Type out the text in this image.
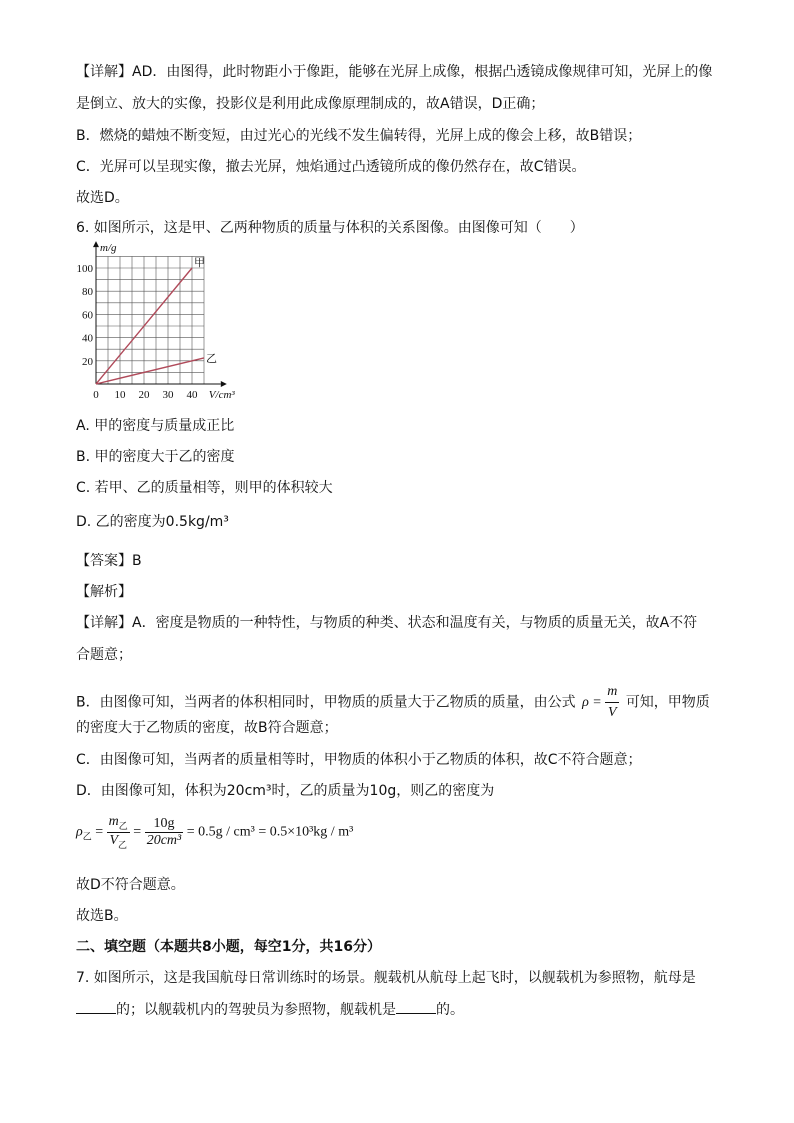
【详解】AD．由图得，此时物距小于像距，能够在光屏上成像，根据凸透镜成像规律可知，光屏上的像
是倒立、放大的实像，投影仪是利用此成像原理制成的，故A错误，D正确；
B．燃烧的蜡烛不断变短，由过光心的光线不发生偏转得，光屏上成的像会上移，故B错误；
C．光屏可以呈现实像，撤去光屏，烛焰通过凸透镜所成的像仍然存在，故C错误。
故选D。
6. 如图所示，这是甲、乙两种物质的质量与体积的关系图像。由图像可知（　　）
0 10 20 30 40
20
40
60
80
100
m/g
V/cm³
甲
乙
A. 甲的密度与质量成正比
B. 甲的密度大于乙的密度
C. 若甲、乙的质量相等，则甲的体积较大
D. 乙的密度为0.5kg/m³
【答案】B
【解析】
【详解】A．密度是物质的一种特性，与物质的种类、状态和温度有关，与物质的质量无关，故A不符
合题意；
B．由图像可知，当两者的体积相同时，甲物质的质量大于乙物质的质量，由公式 $\rho = \frac{m}{V}$ 可知，甲物质
的密度大于乙物质的密度，故B符合题意；
C．由图像可知，当两者的质量相等时，甲物质的体积小于乙物质的体积，故C不符合题意；
D．由图像可知，体积为20cm³时，乙的质量为10g，则乙的密度为
$\rho_乙 = \frac{m_乙}{V_乙} = \frac{10g}{\text{20cm³}} = 0.5g / cm^3 = 0.5\times 10^3kg / m^3$
故D不符合题意。
故选B。
二、填空题（本题共8小题，每空1分，共16分）
7. 如图所示，这是我国航母日常训练时的场景。舰载机从航母上起飞时，以舰载机为参照物，航母是
的；以舰载机内的驾驶员为参照物，舰载机是	的。
